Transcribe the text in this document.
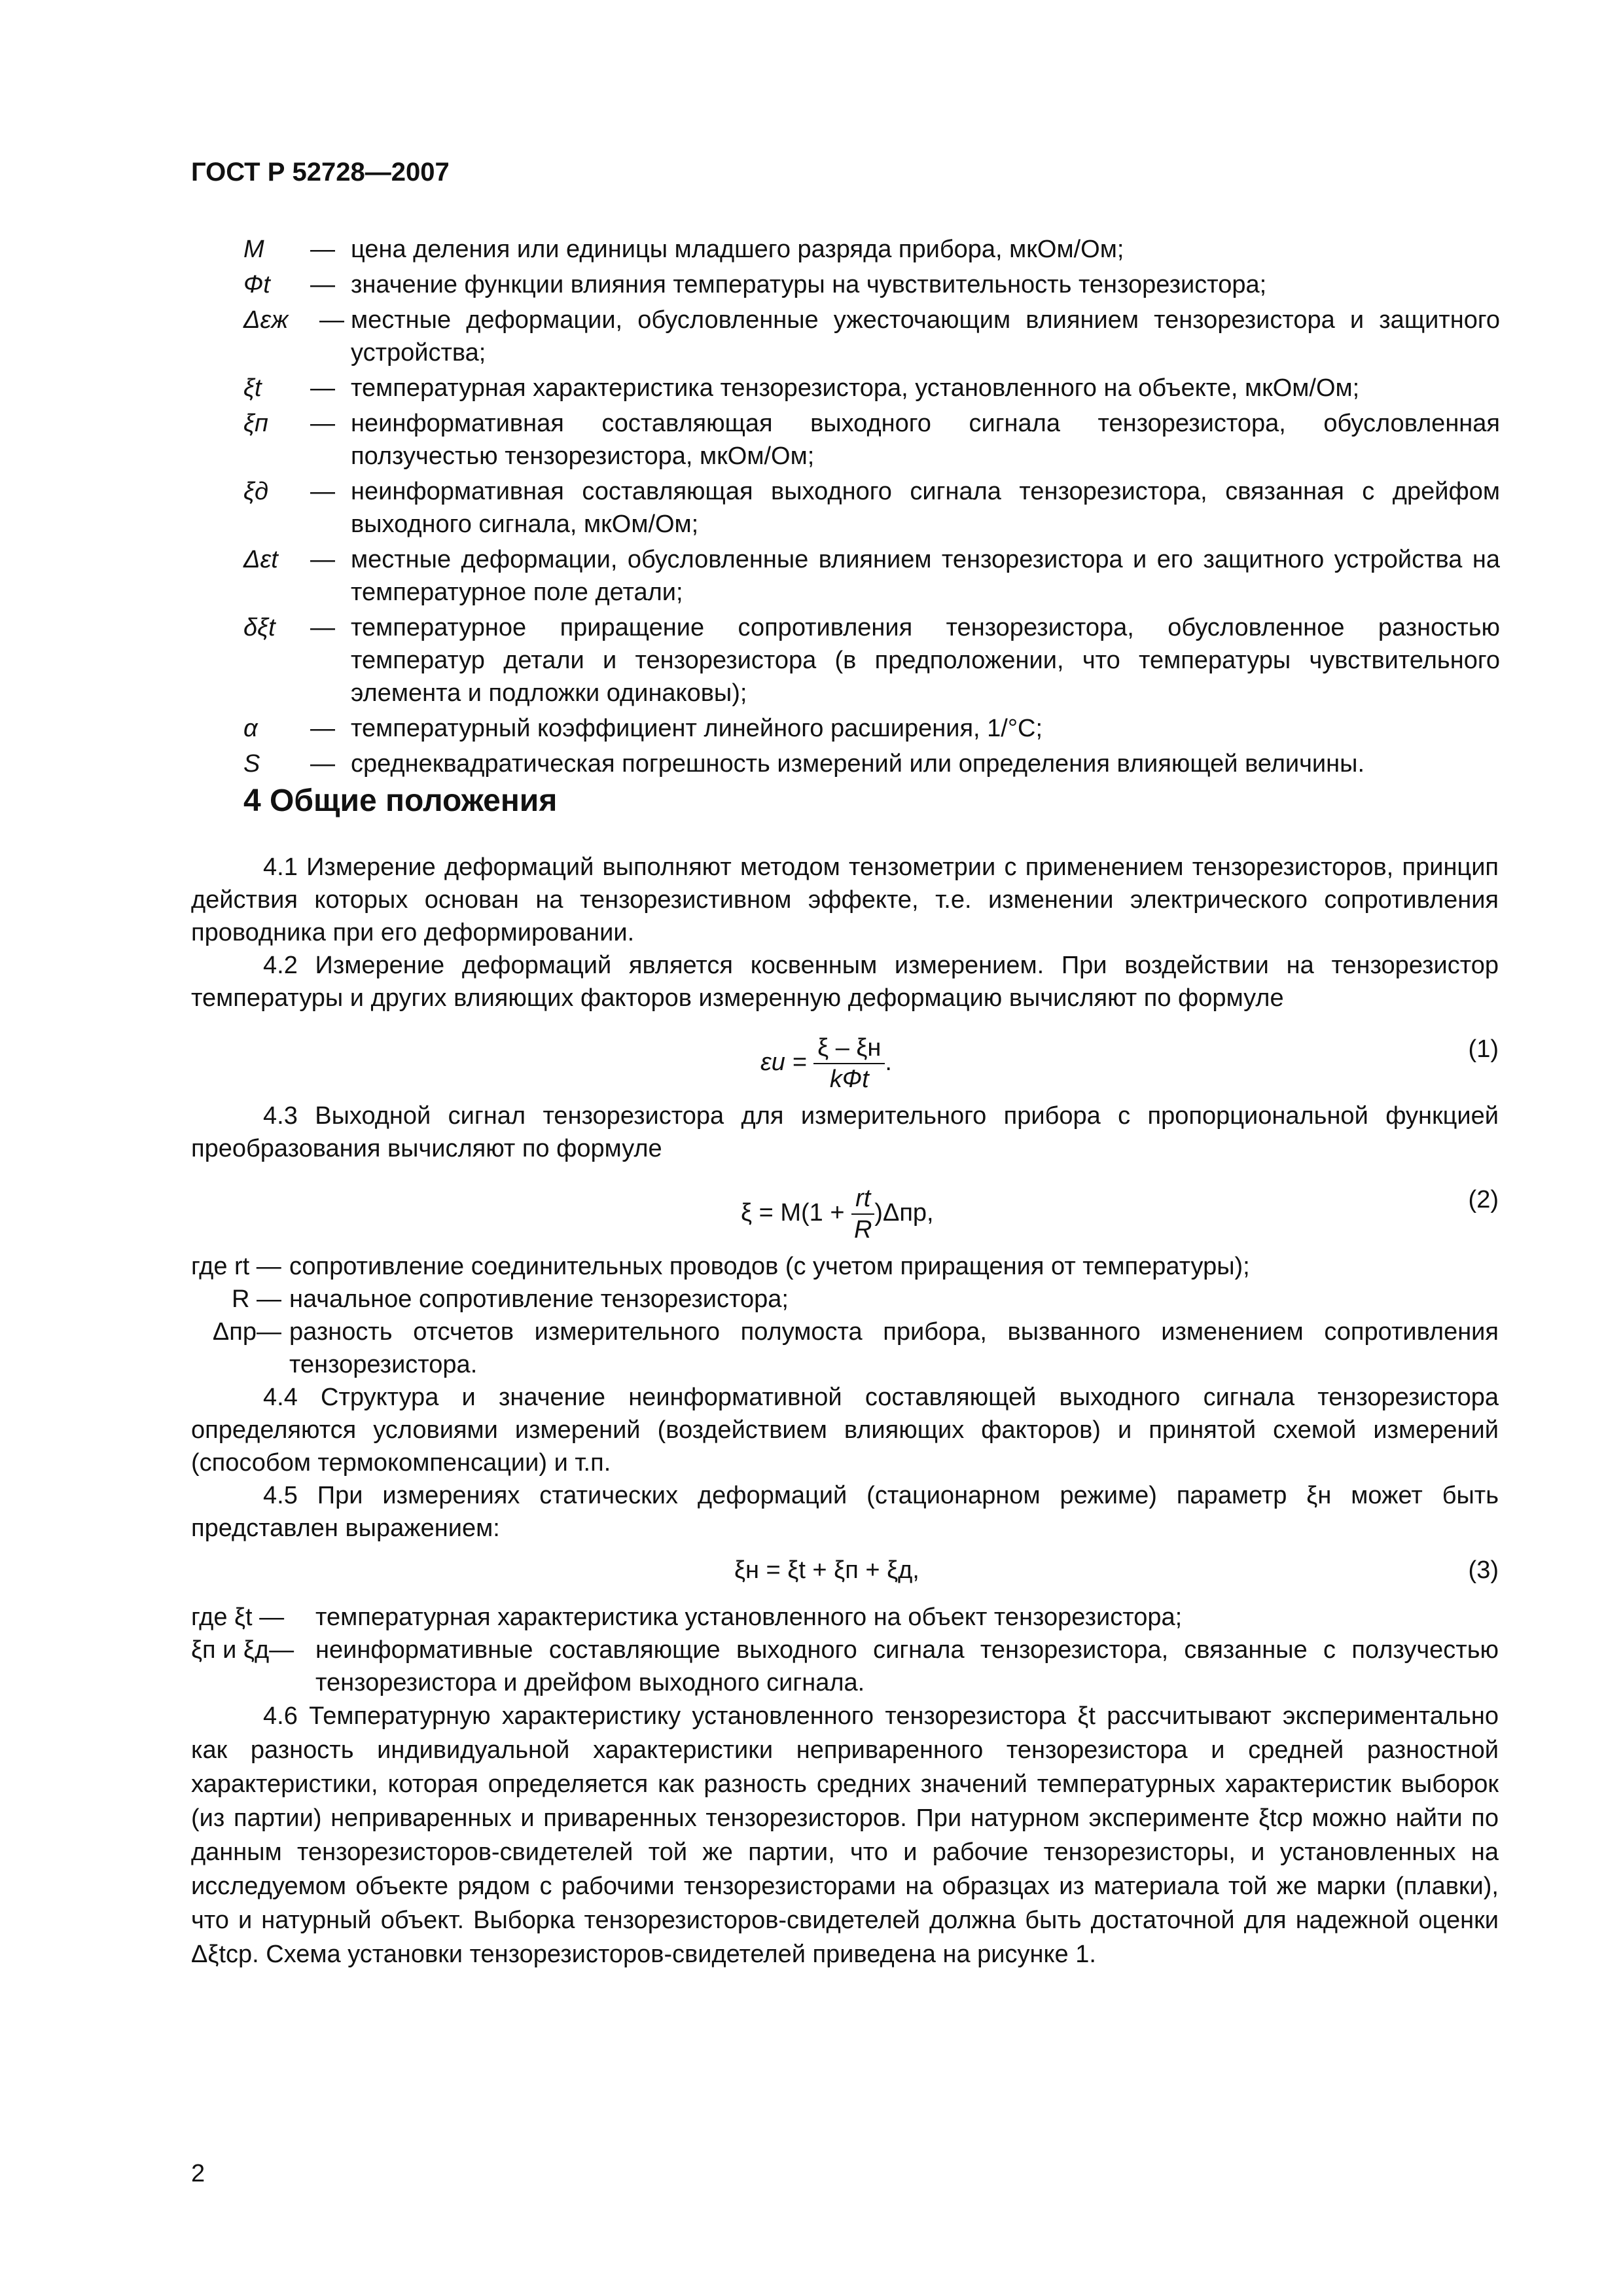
ГОСТ Р 52728—2007
M	— цена деления или единицы младшего разряда прибора, мкОм/Ом;
Фt	— значение функции влияния температуры на чувствительность тензорезистора;
Δεж	— местные деформации, обусловленные ужесточающим влиянием тензорезистора и защитного устройства;
ξt	— температурная характеристика тензорезистора, установленного на объекте, мкОм/Ом;
ξп	— неинформативная составляющая выходного сигнала тензорезистора, обусловленная ползучестью тензорезистора, мкОм/Ом;
ξд	— неинформативная составляющая выходного сигнала тензорезистора, связанная с дрейфом выходного сигнала, мкОм/Ом;
Δεt	— местные деформации, обусловленные влиянием тензорезистора и его защитного устройства на температурное поле детали;
δξt	— температурное приращение сопротивления тензорезистора, обусловленное разностью температур детали и тензорезистора (в предположении, что температуры чувствительного элемента и подложки одинаковы);
α	— температурный коэффициент линейного расширения, 1/°С;
S	— среднеквадратическая погрешность измерений или определения влияющей величины.
4 Общие положения

4.1 Измерение деформаций выполняют методом тензометрии с применением тензорезисторов, принцип действия которых основан на тензорезистивном эффекте, т.е. изменении электрического сопротивления проводника при его деформировании.

4.2 Измерение деформаций является косвенным измерением. При воздействии на тензорезистор температуры и других влияющих факторов измеренную деформацию вычисляют по формуле

$\varepsilon u = \frac{\xi - \xi н}{\text{kФt}}$ .	(1)

4.3 Выходной сигнал тензорезистора для измерительного прибора с пропорциональной функцией преобразования вычисляют по формуле

$\xi = M(1 + \frac{rt}{R} )\Delta пр$,	(2)
где rt — сопротивление соединительных проводов (с учетом приращения от температуры);
R — начальное сопротивление тензорезистора;
Δпр— разность отсчетов измерительного полумоста прибора, вызванного изменением сопротивления тензорезистора.

4.4 Структура и значение неинформативной составляющей выходного сигнала тензорезистора определяются условиями измерений (воздействием влияющих факторов) и принятой схемой измерений (способом термокомпенсации) и т.п.

4.5 При измерениях статических деформаций (стационарном режиме) параметр ξн может быть представлен выражением:

ξн = ξt + ξп + ξд,	(3)
где ξt —	температурная характеристика установленного на объект тензорезистора;
ξп и ξд— неинформативные составляющие выходного сигнала тензорезистора, связанные с ползучестью тензорезистора и дрейфом выходного сигнала.

4.6 Температурную характеристику установленного тензорезистора ξt рассчитывают экспериментально как разность индивидуальной характеристики неприваренного тензорезистора и средней разностной характеристики, которая определяется как разность средних значений температурных характеристик выборок (из партии) неприваренных и приваренных тензорезисторов. При натурном эксперименте ξtср можно найти по данным тензорезисторов-свидетелей той же партии, что и рабочие тензорезисторы, и установленных на исследуемом объекте рядом с рабочими тензорезисторами на образцах из материала той же марки (плавки), что и натурный объект. Выборка тензорезисторов-свидетелей должна быть достаточной для надежной оценки Δξtср. Схема установки тензорезисторов-свидетелей приведена на рисунке 1.

2
